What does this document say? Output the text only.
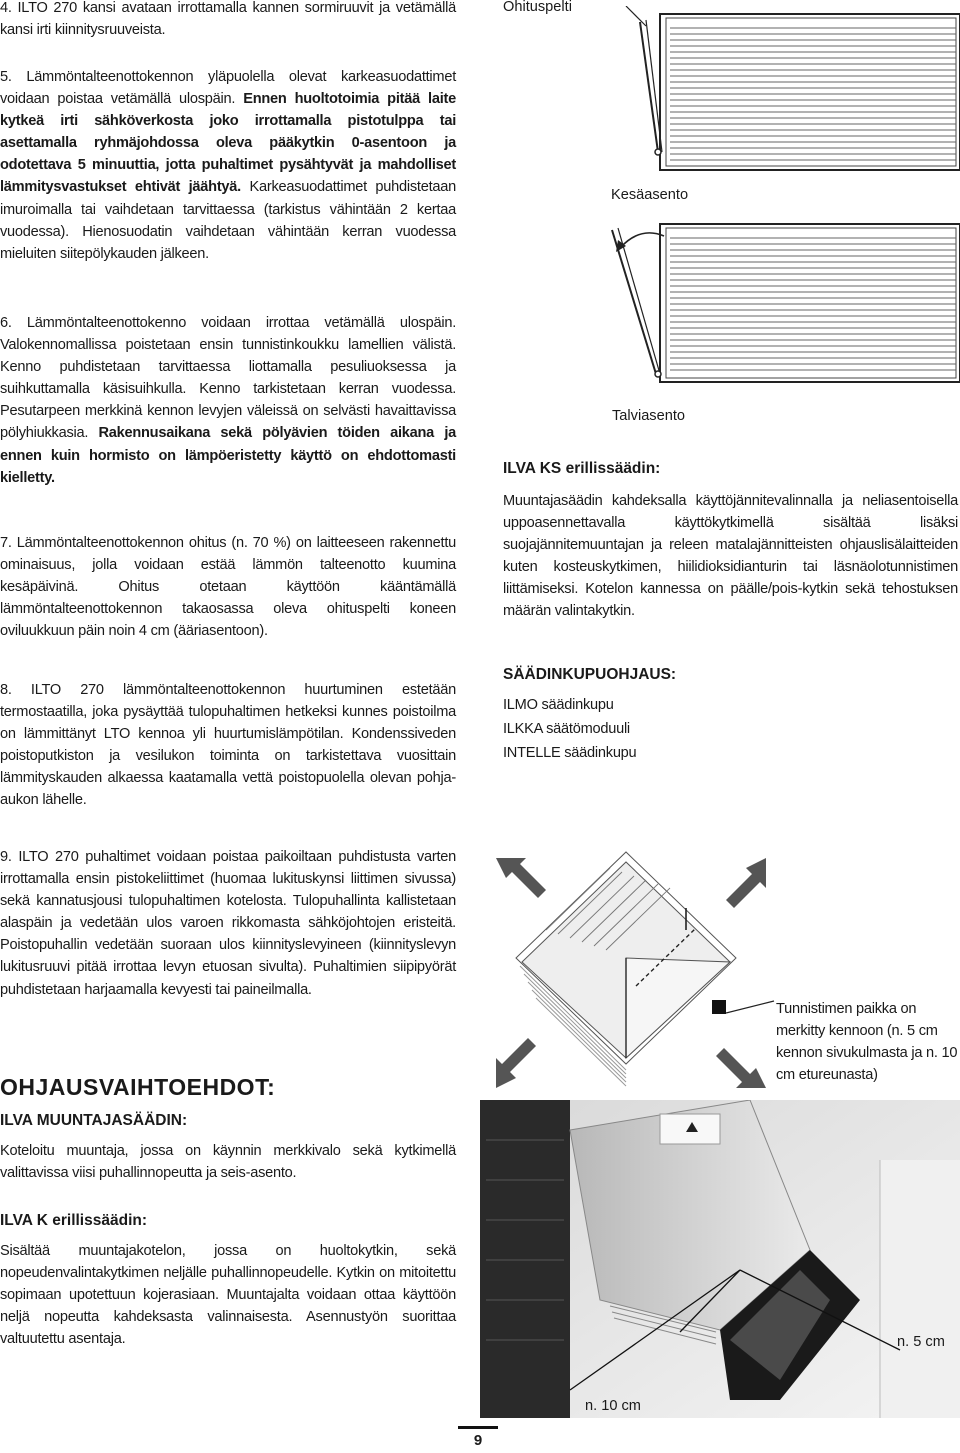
4. ILTO 270 kansi avataan irrottamalla kannen sormiruuvit ja vetämällä kansi irti kiinnitysruuveista.

5. Lämmöntalteenottokennon yläpuolella olevat karkeasuodattimet voidaan poistaa vetämällä ulospäin. Ennen huoltotoimia pitää laite kytkeä irti sähköverkosta joko irrottamalla pistotulppa tai asettamalla ryhmäjohdossa oleva pääkytkin 0-asentoon ja odotettava 5 minuuttia, jotta puhaltimet pysähtyvät ja mahdolliset lämmitysvastukset ehtivät jäähtyä. Karkeasuodattimet puhdistetaan imuroimalla tai vaihdetaan tarvittaessa (tarkistus vähintään 2 kertaa vuodessa). Hienosuodatin vaihdetaan vähintään kerran vuodessa mieluiten siitepölykauden jälkeen.

6. Lämmöntalteenottokenno voidaan irrottaa vetämällä ulospäin. Valokennomallissa poistetaan ensin tunnistinkoukku lamellien välistä. Kenno puhdistetaan tarvittaessa liottamalla pesuliuoksessa ja suihkuttamalla käsisuihkulla. Kenno tarkistetaan kerran vuodessa. Pesutarpeen merkkinä kennon levyjen väleissä on selvästi havaittavissa pölyhiukkasia. Rakennusaikana sekä pölyävien töiden aikana ja ennen kuin hormisto on lämpöeristetty käyttö on ehdottomasti kielletty.

7. Lämmöntalteenottokennon ohitus (n. 70 %) on laitteeseen rakennettu ominaisuus, jolla voidaan estää lämmön talteenotto kuumina kesäpäivinä. Ohitus otetaan käyttöön kääntämällä lämmöntalteenottokennon takaosassa oleva ohituspelti koneen oviluukkuun päin noin 4 cm (ääriasentoon).

8. ILTO 270 lämmöntalteenottokennon huurtuminen estetään termostaatilla, joka pysäyttää tulopuhaltimen hetkeksi kunnes poistoilma on lämmittänyt LTO kennoa yli huurtumislämpötilan. Kondenssiveden poistoputkiston ja vesilukon toiminta on tarkistettava vuosittain lämmityskauden alkaessa kaatamalla vettä poistopuolella olevan pohja-aukon lähelle.

9. ILTO 270 puhaltimet voidaan poistaa paikoiltaan puhdistusta varten irrottamalla ensin pistokeliittimet (huomaa lukituskynsi liittimen sivussa) sekä kannatusjousi tulopuhaltimen kotelosta. Tulopuhallinta kallistetaan alaspäin ja vedetään ulos varoen rikkomasta sähköjohtojen eristeitä. Poistopuhallin vedetään suoraan ulos kiinnityslevyineen (kiinnityslevyn lukitusruuvi pitää irrottaa levyn etuosan sivulta). Puhaltimien siipipyörät puhdistetaan harjaamalla kevyesti tai paineilmalla.

OHJAUSVAIHTOEHDOT:

ILVA MUUNTAJASÄÄDIN:

Koteloitu muuntaja, jossa on käynnin merkkivalo sekä kytkimellä valittavissa viisi puhallinnopeutta ja seis-asento.

ILVA K erillissäädin:

Sisältää muuntajakotelon, jossa on huoltokytkin, sekä nopeudenvalintakytkimen neljälle puhallinnopeudelle. Kytkin on mitoitettu sopimaan upotettuun kojerasiaan. Muuntajalta voidaan ottaa käyttöön neljä nopeutta kahdeksasta valinnaisesta. Asennustyön suorittaa valtuutettu asentaja.

Ohituspelti
Kesäasento
Talviasento

ILVA KS erillissäädin:

Muuntajasäädin kahdeksalla käyttöjännitevalinnalla ja neliasentoisella uppoasennettavalla käyttökytkimellä sisältää lisäksi suojajännitemuuntajan ja releen matalajännitteisten ohjauslisälaitteiden kuten kosteuskytkimen, hiilidioksidianturin tai läsnäolotunnistimen liittämiseksi. Kotelon kannessa on päälle/pois-kytkin sekä tehostuksen määrän valintakytkin.

SÄÄDINKUPUOHJAUS:

ILMO säädinkupu

ILKKA säätömoduuli

INTELLE säädinkupu

Tunnistimen paikka on merkitty kennoon (n. 5 cm kennon sivukulmasta ja n. 10 cm etureunasta)

n. 5 cm
n. 10 cm
9
